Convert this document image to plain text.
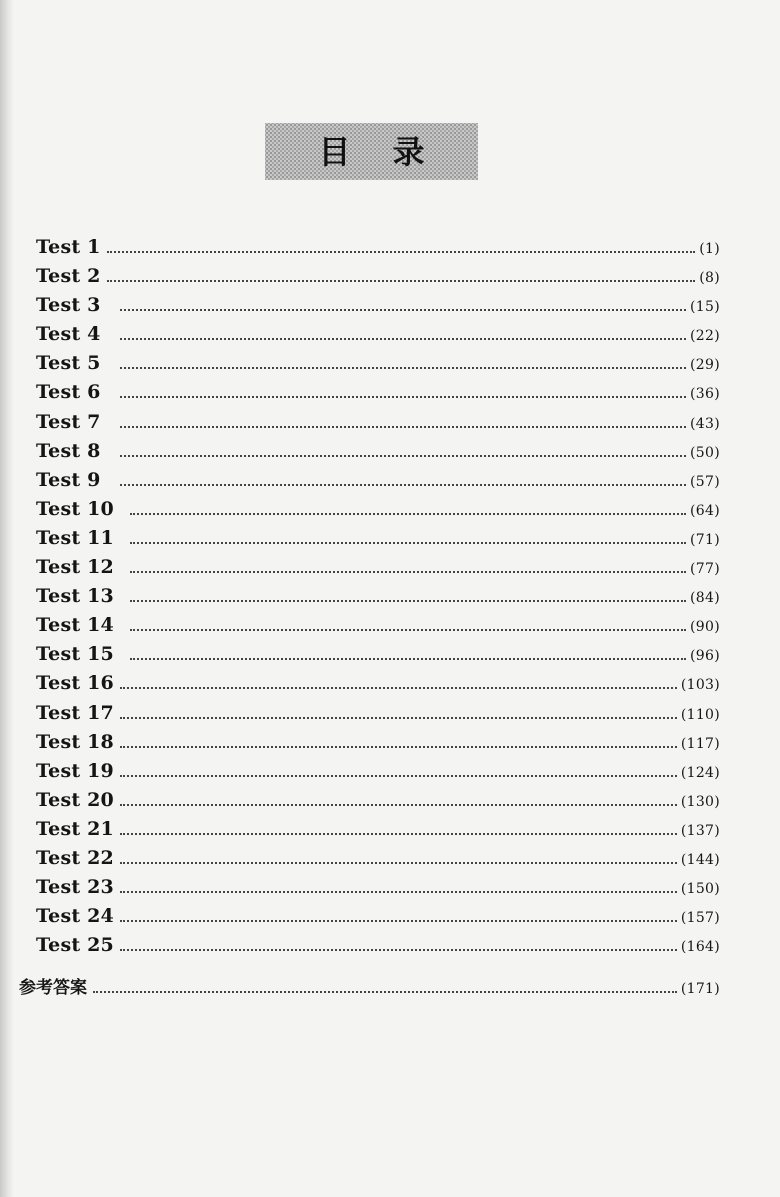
目 录
Test 1	(1)
Test 2	(8)
Test 3	(15)
Test 4	(22)
Test 5	(29)
Test 6	(36)
Test 7	(43)
Test 8	(50)
Test 9	(57)
Test 10	(64)
Test 11	(71)
Test 12	(77)
Test 13	(84)
Test 14	(90)
Test 15	(96)
Test 16	(103)
Test 17	(110)
Test 18	(117)
Test 19	(124)
Test 20	(130)
Test 21	(137)
Test 22	(144)
Test 23	(150)
Test 24	(157)
Test 25	(164)
参考答案	(171)
